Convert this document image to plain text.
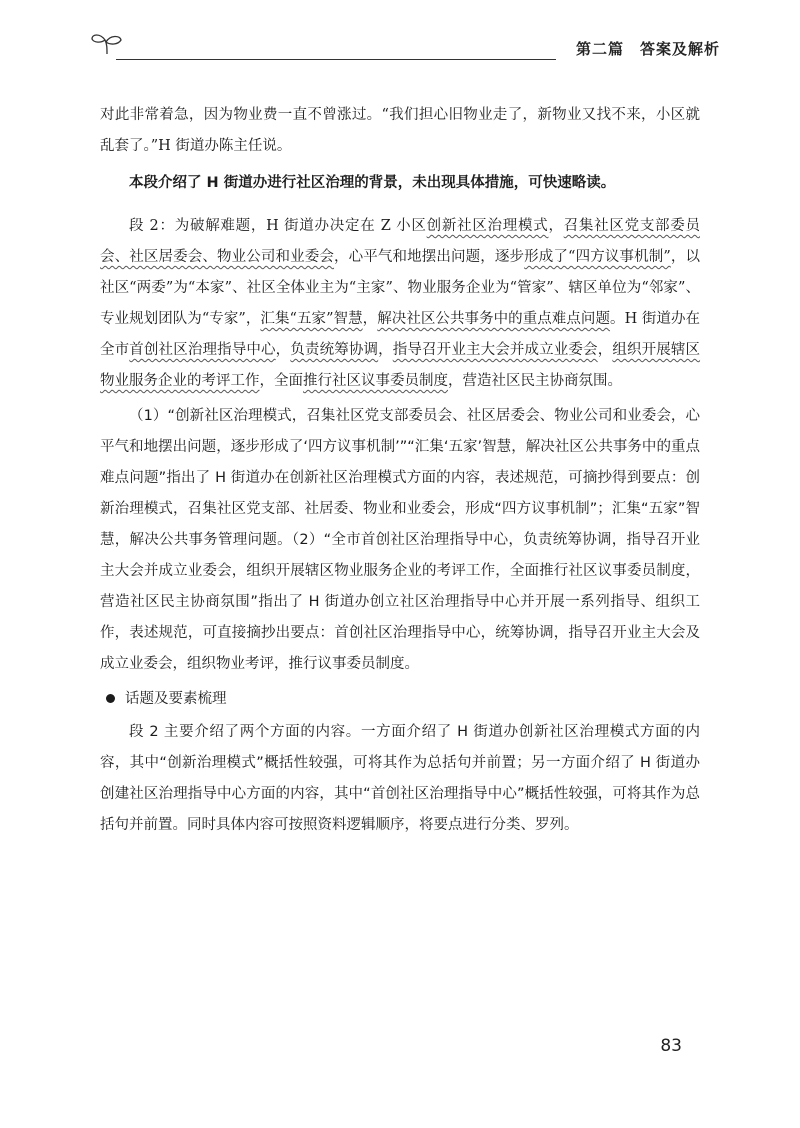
第二篇　答案及解析

对此非常着急，因为物业费一直不曾涨过。“我们担心旧物业走了，新物业又找不来，小区就乱套了。”H 街道办陈主任说。

本段介绍了 H 街道办进行社区治理的背景，未出现具体措施，可快速略读。

段 2：为破解难题，H 街道办决定在 Z 小区创新社区治理模式，召集社区党支部委员会、社区居委会、物业公司和业委会，心平气和地摆出问题，逐步形成了“四方议事机制”，以社区“两委”为“本家”、社区全体业主为“主家”、物业服务企业为“管家”、辖区单位为“邻家”、专业规划团队为“专家”，汇集“五家”智慧，解决社区公共事务中的重点难点问题。H 街道办在全市首创社区治理指导中心，负责统筹协调，指导召开业主大会并成立业委会，组织开展辖区物业服务企业的考评工作，全面推行社区议事委员制度，营造社区民主协商氛围。

（1）“创新社区治理模式，召集社区党支部委员会、社区居委会、物业公司和业委会，心平气和地摆出问题，逐步形成了‘四方议事机制’”“汇集‘五家’智慧，解决社区公共事务中的重点难点问题”指出了 H 街道办在创新社区治理模式方面的内容，表述规范，可摘抄得到要点：创新治理模式，召集社区党支部、社居委、物业和业委会，形成“四方议事机制”；汇集“五家”智慧，解决公共事务管理问题。（2）“全市首创社区治理指导中心，负责统筹协调，指导召开业主大会并成立业委会，组织开展辖区物业服务企业的考评工作，全面推行社区议事委员制度，营造社区民主协商氛围”指出了 H 街道办创立社区治理指导中心并开展一系列指导、组织工作，表述规范，可直接摘抄出要点：首创社区治理指导中心，统筹协调，指导召开业主大会及成立业委会，组织物业考评，推行议事委员制度。

话题及要素梳理

段 2 主要介绍了两个方面的内容。一方面介绍了 H 街道办创新社区治理模式方面的内容，其中“创新治理模式”概括性较强，可将其作为总括句并前置；另一方面介绍了 H 街道办创建社区治理指导中心方面的内容，其中“首创社区治理指导中心”概括性较强，可将其作为总括句并前置。同时具体内容可按照资料逻辑顺序，将要点进行分类、罗列。

83
